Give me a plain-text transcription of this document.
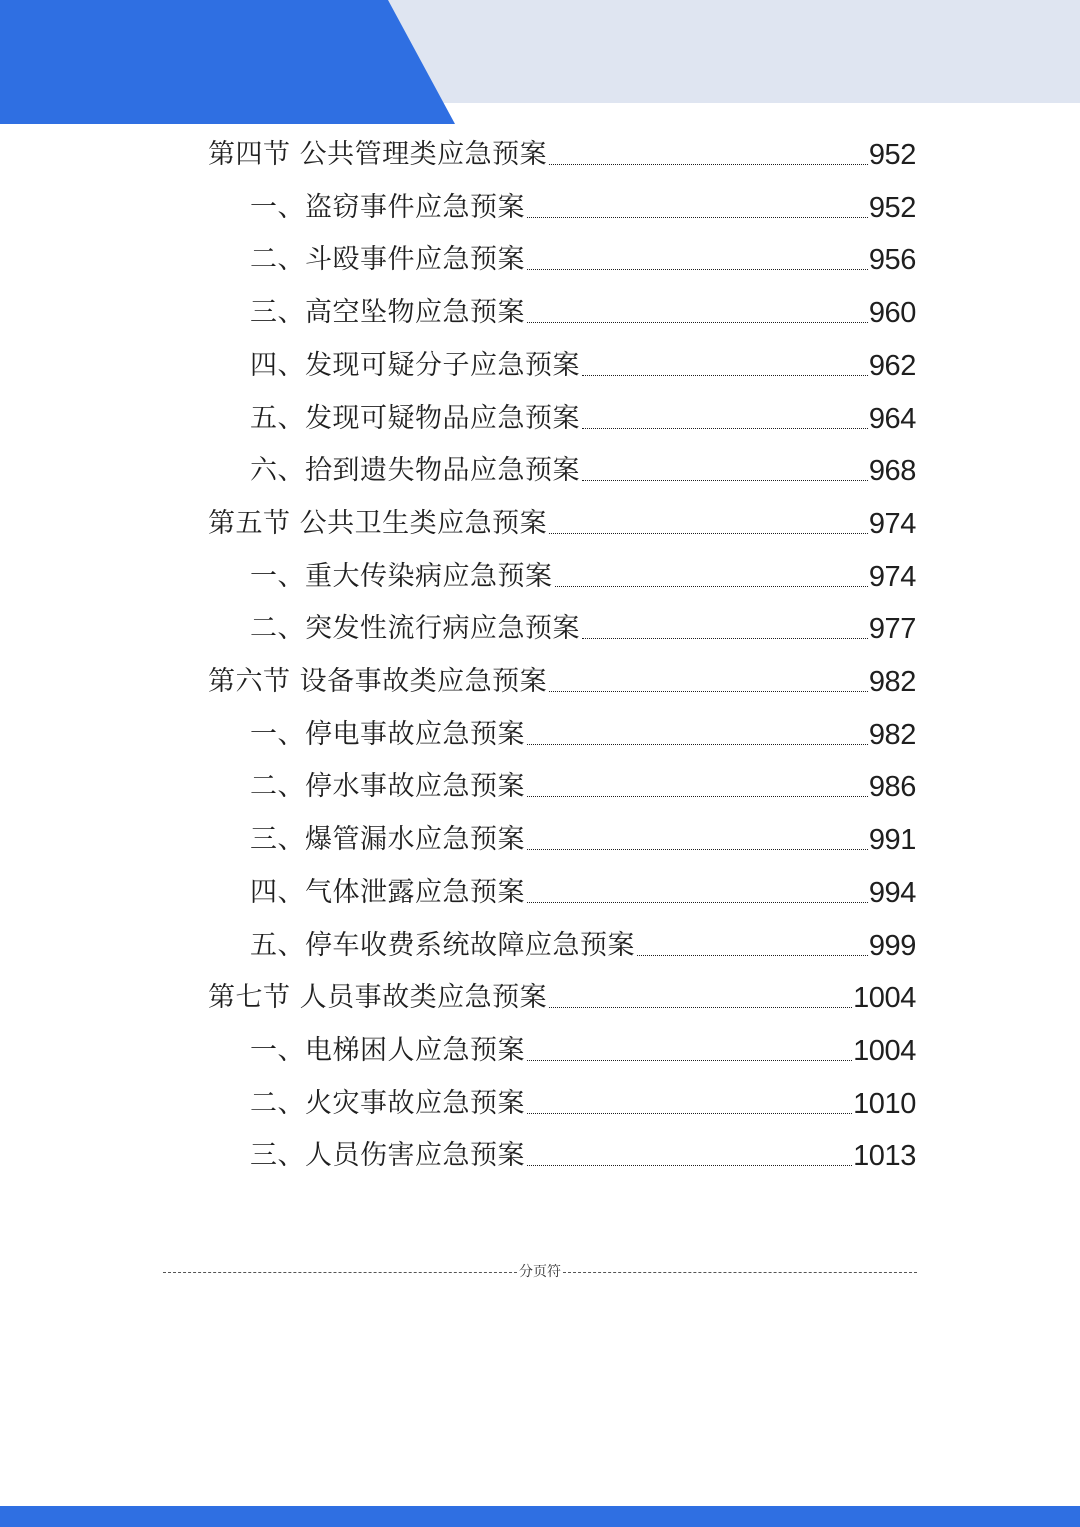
第四节 公共管理类应急预案	952
一、盗窃事件应急预案	952
二、斗殴事件应急预案	956
三、高空坠物应急预案	960
四、发现可疑分子应急预案	962
五、发现可疑物品应急预案	964
六、拾到遗失物品应急预案	968
第五节 公共卫生类应急预案	974
一、重大传染病应急预案	974
二、突发性流行病应急预案	977
第六节 设备事故类应急预案	982
一、停电事故应急预案	982
二、停水事故应急预案	986
三、爆管漏水应急预案	991
四、气体泄露应急预案	994
五、停车收费系统故障应急预案	999
第七节 人员事故类应急预案	1004
一、电梯困人应急预案	1004
二、火灾事故应急预案	1010
三、人员伤害应急预案	1013
分页符
